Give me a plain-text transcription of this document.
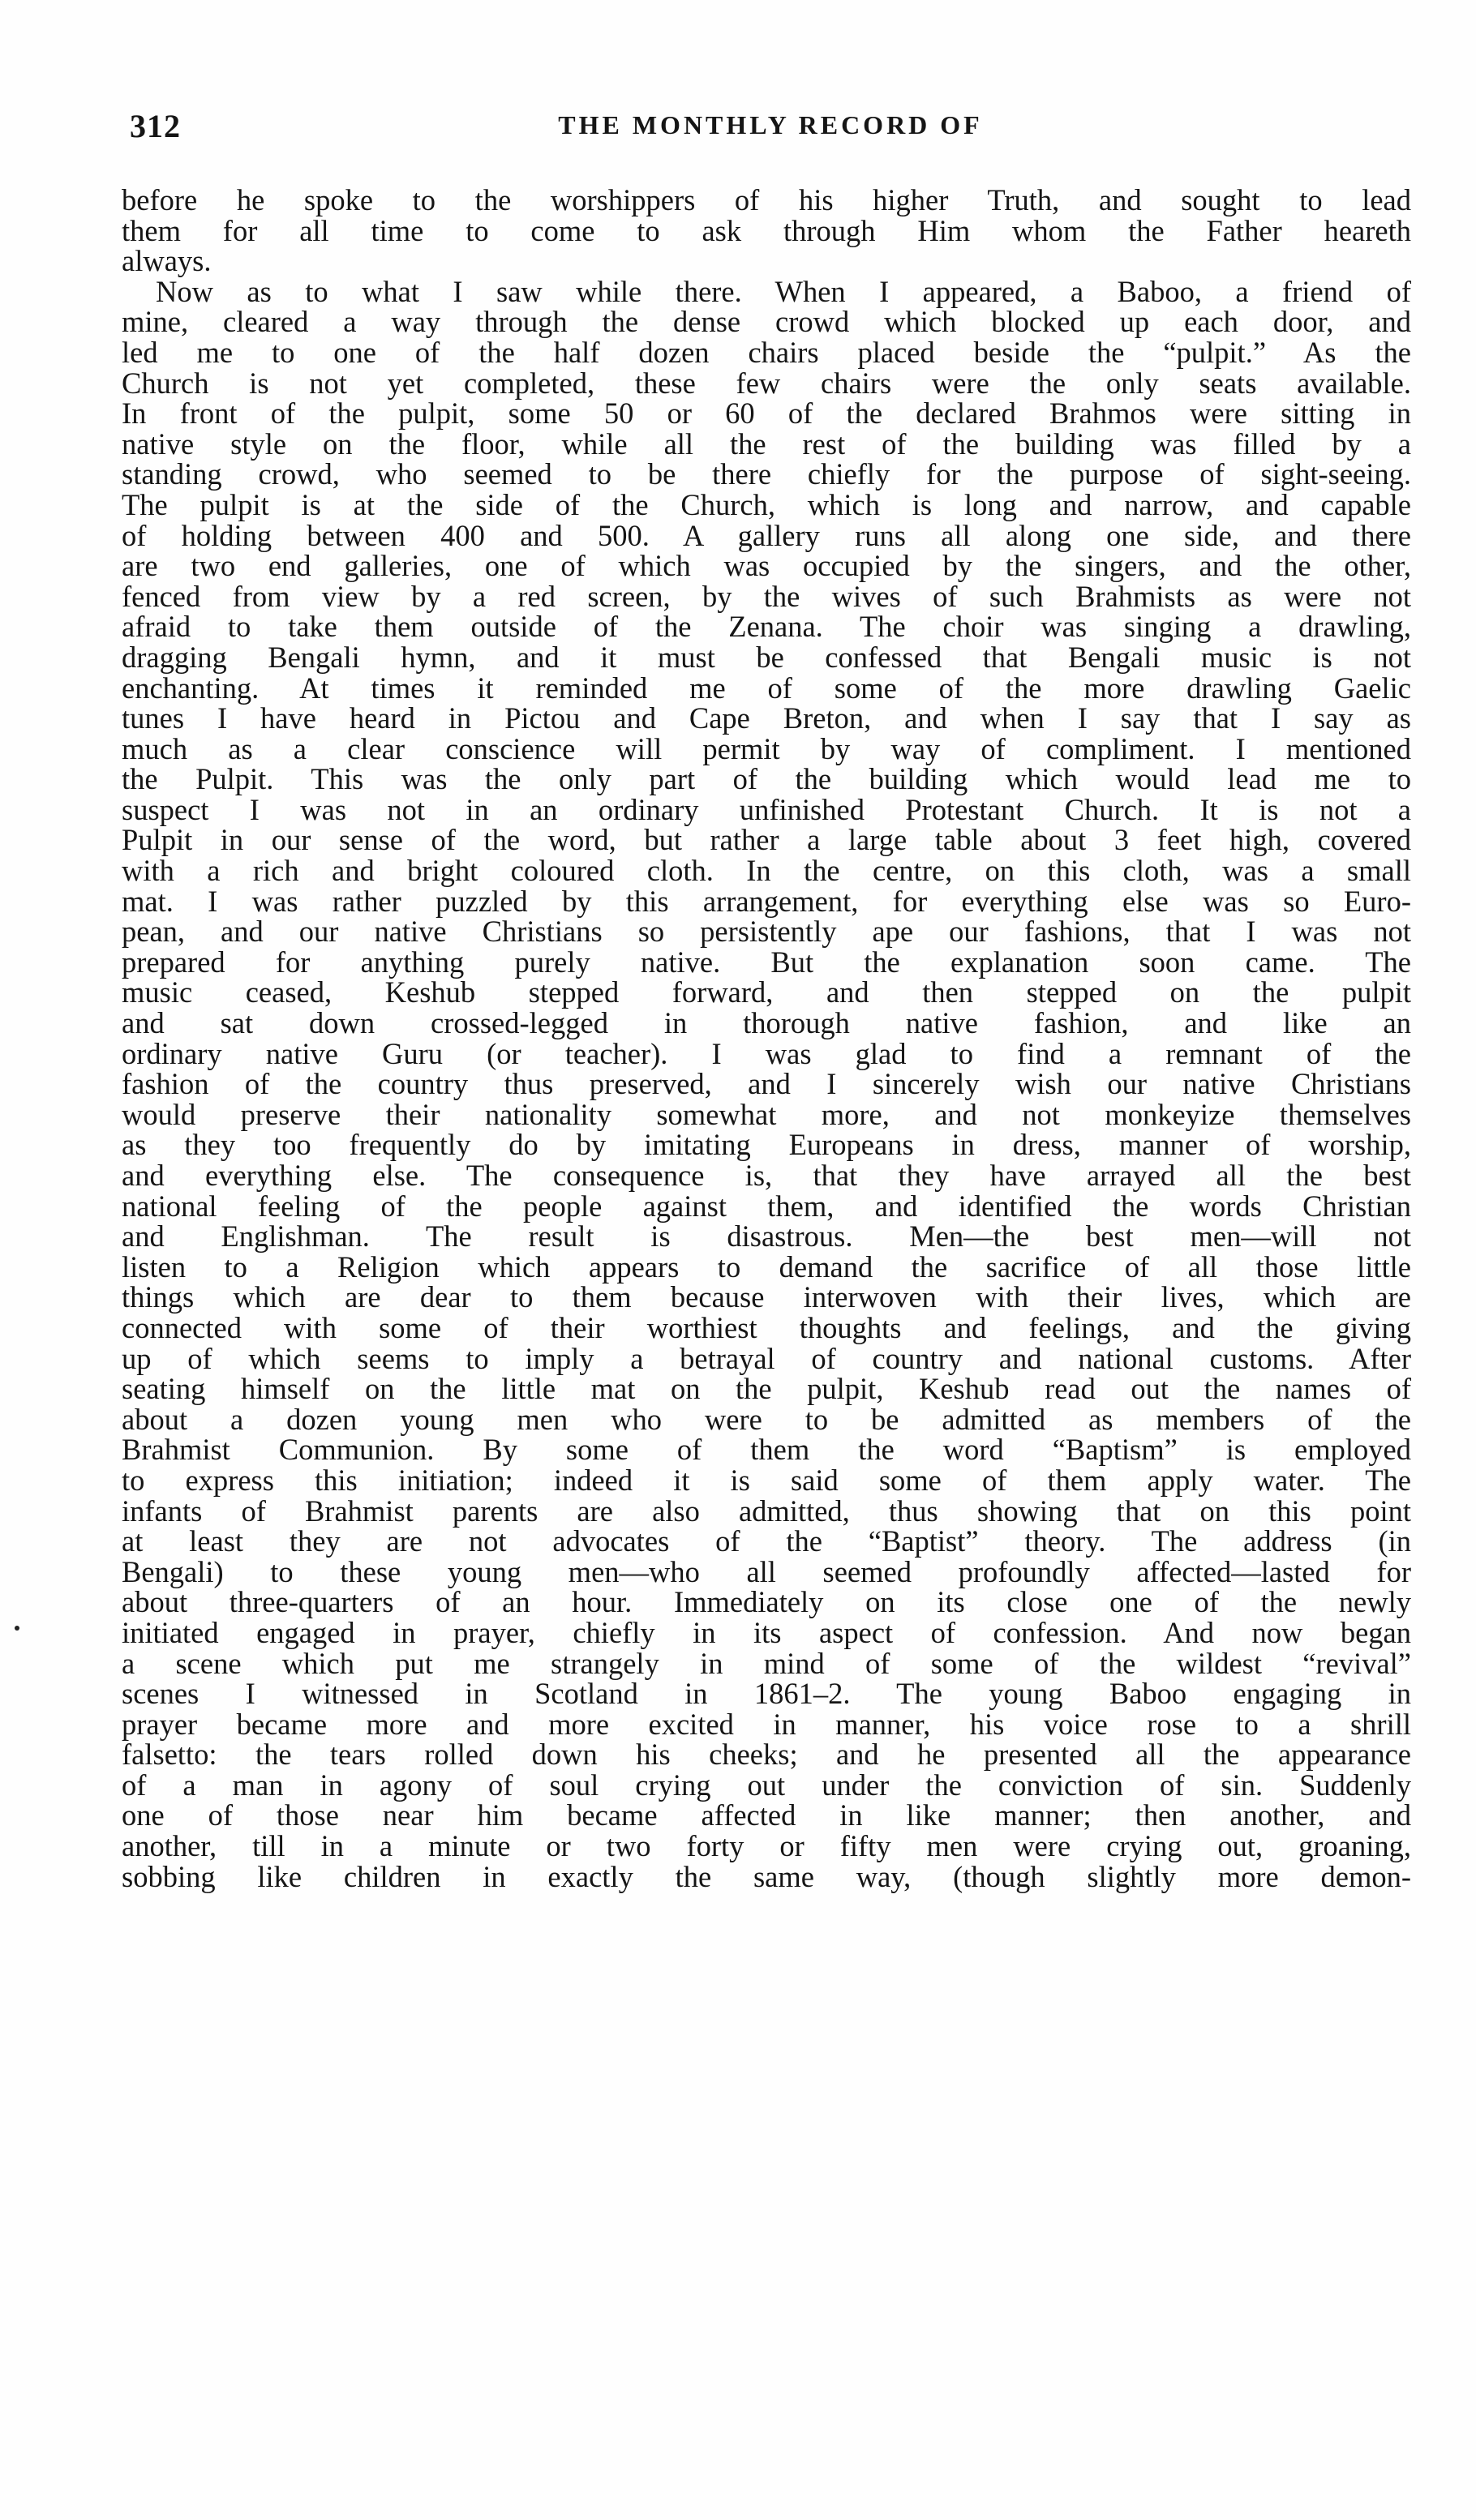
312	THE MONTHLY RECORD OF
before he spoke to the worshippers of his higher Truth, and sought to lead
them for all time to come to ask through Him whom the Father heareth
always.
Now as to what I saw while there. When I appeared, a Baboo, a friend of
mine, cleared a way through the dense crowd which blocked up each door, and
led me to one of the half dozen chairs placed beside the “pulpit.” As the
Church is not yet completed, these few chairs were the only seats available.
In front of the pulpit, some 50 or 60 of the declared Brahmos were sitting in
native style on the floor, while all the rest of the building was filled by a
standing crowd, who seemed to be there chiefly for the purpose of sight-seeing.
The pulpit is at the side of the Church, which is long and narrow, and capable
of holding between 400 and 500. A gallery runs all along one side, and there
are two end galleries, one of which was occupied by the singers, and the other,
fenced from view by a red screen, by the wives of such Brahmists as were not
afraid to take them outside of the Zenana. The choir was singing a drawling,
dragging Bengali hymn, and it must be confessed that Bengali music is not
enchanting. At times it reminded me of some of the more drawling Gaelic
tunes I have heard in Pictou and Cape Breton, and when I say that I say as
much as a clear conscience will permit by way of compliment. I mentioned
the Pulpit. This was the only part of the building which would lead me to
suspect I was not in an ordinary unfinished Protestant Church. It is not a
Pulpit in our sense of the word, but rather a large table about 3 feet high, covered
with a rich and bright coloured cloth. In the centre, on this cloth, was a small
mat. I was rather puzzled by this arrangement, for everything else was so Euro-
pean, and our native Christians so persistently ape our fashions, that I was not
prepared for anything purely native. But the explanation soon came. The
music ceased, Keshub stepped forward, and then stepped on the pulpit
and sat down crossed-legged in thorough native fashion, and like an
ordinary native Guru (or teacher). I was glad to find a remnant of the
fashion of the country thus preserved, and I sincerely wish our native Christians
would preserve their nationality somewhat more, and not monkeyize themselves
as they too frequently do by imitating Europeans in dress, manner of worship,
and everything else. The consequence is, that they have arrayed all the best
national feeling of the people against them, and identified the words Christian
and Englishman. The result is disastrous. Men—the best men—will not
listen to a Religion which appears to demand the sacrifice of all those little
things which are dear to them because interwoven with their lives, which are
connected with some of their worthiest thoughts and feelings, and the giving
up of which seems to imply a betrayal of country and national customs. After
seating himself on the little mat on the pulpit, Keshub read out the names of
about a dozen young men who were to be admitted as members of the
Brahmist Communion. By some of them the word “Baptism” is employed
to express this initiation; indeed it is said some of them apply water. The
infants of Brahmist parents are also admitted, thus showing that on this point
at least they are not advocates of the “Baptist” theory. The address (in
Bengali) to these young men—who all seemed profoundly affected—lasted for
about three-quarters of an hour. Immediately on its close one of the newly
initiated engaged in prayer, chiefly in its aspect of confession. And now began
a scene which put me strangely in mind of some of the wildest “revival”
scenes I witnessed in Scotland in 1861–2. The young Baboo engaging in
prayer became more and more excited in manner, his voice rose to a shrill
falsetto: the tears rolled down his cheeks; and he presented all the appearance
of a man in agony of soul crying out under the conviction of sin. Suddenly
one of those near him became affected in like manner; then another, and
another, till in a minute or two forty or fifty men were crying out, groaning,
sobbing like children in exactly the same way, (though slightly more demon-
